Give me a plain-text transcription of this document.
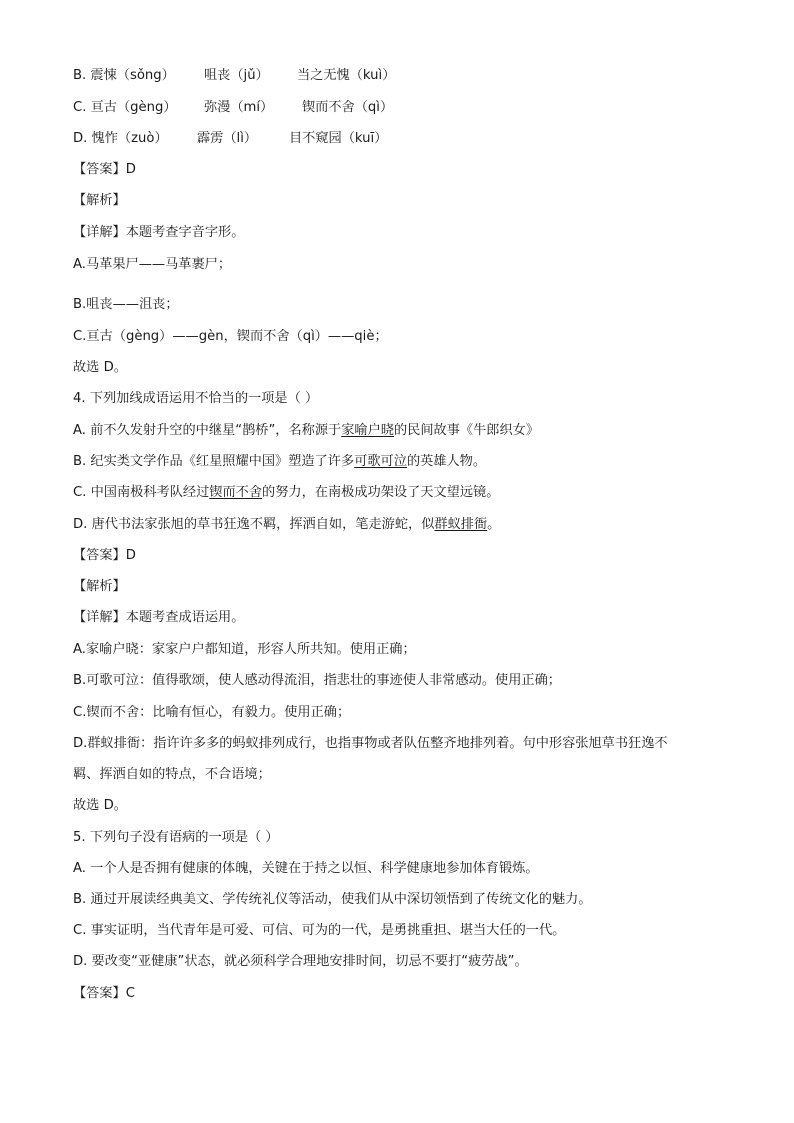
B. 震悚（sǒng） 咀丧（jǔ） 当之无愧（kuì）
C. 亘古（gèng） 弥漫（mí） 锲而不舍（qì）
D. 愧怍（zuò） 霹雳（lì） 目不窥园（kuī）
【答案】D
【解析】
【详解】本题考查字音字形。
A.马革果尸——马革裹尸；
B.咀丧——沮丧；
C.亘古（gèng）——gèn，锲而不舍（qì）——qiè；
故选 D。
4. 下列加线成语运用不恰当的一项是（ ）
A. 前不久发射升空的中继星“鹊桥”，名称源于家喻户晓的民间故事《牛郎织女》
B. 纪实类文学作品《红星照耀中国》塑造了许多可歌可泣的英雄人物。
C. 中国南极科考队经过锲而不舍的努力，在南极成功架设了天文望远镜。
D. 唐代书法家张旭的草书狂逸不羁，挥洒自如，笔走游蛇，似群蚁排衙。
【答案】D
【解析】
【详解】本题考查成语运用。
A.家喻户晓：家家户户都知道，形容人所共知。使用正确；
B.可歌可泣：值得歌颂，使人感动得流泪，指悲壮的事迹使人非常感动。使用正确；
C.锲而不舍：比喻有恒心，有毅力。使用正确；
D.群蚁排衙：指许许多多的蚂蚁排列成行，也指事物或者队伍整齐地排列着。句中形容张旭草书狂逸不
羁、挥洒自如的特点，不合语境；
故选 D。
5. 下列句子没有语病的一项是（ ）
A. 一个人是否拥有健康的体魄，关键在于持之以恒、科学健康地参加体育锻炼。
B. 通过开展读经典美文、学传统礼仪等活动，使我们从中深切领悟到了传统文化的魅力。
C. 事实证明，当代青年是可爱、可信、可为的一代，是勇挑重担、堪当大任的一代。
D. 要改变“亚健康”状态，就必须科学合理地安排时间，切忌不要打“疲劳战”。
【答案】C
